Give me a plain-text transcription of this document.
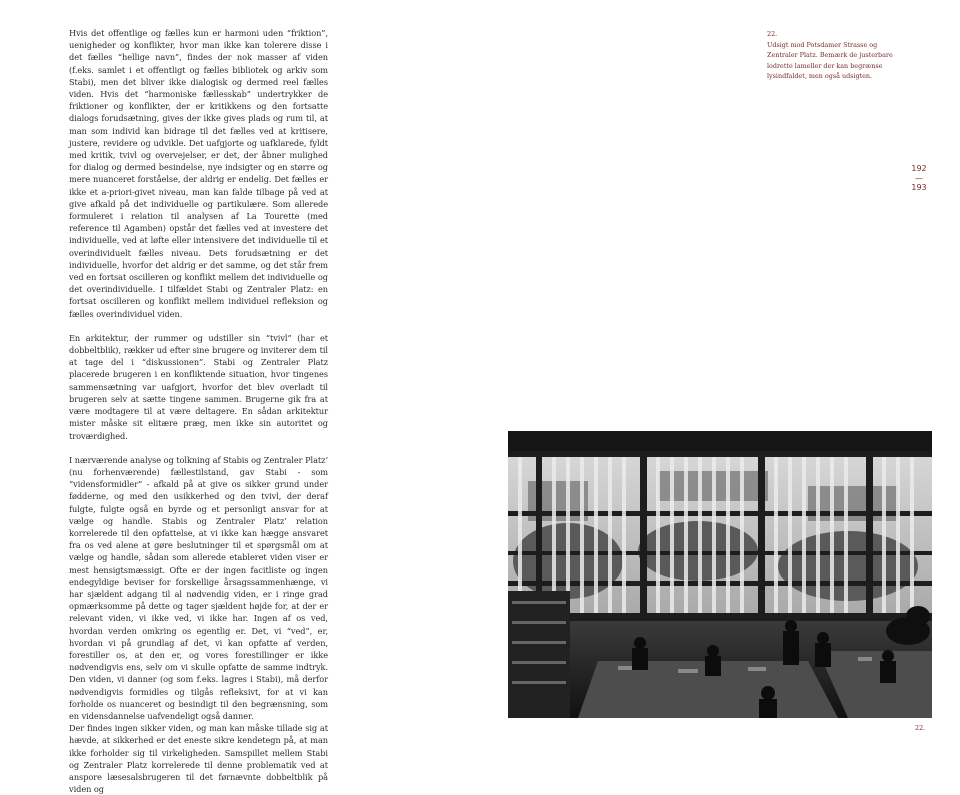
Hvis det offentlige og fælles kun er harmoni uden “friktion”, uenigheder og konflikter, hvor man ikke kan tolerere disse i det fælles “hellige navn”, findes der nok masser af viden (f.eks. samlet i et offentligt og fælles bibliotek og arkiv som Stabi), men det bliver ikke dialogisk og dermed reel fælles viden. Hvis det “harmoniske fællesskab” undertrykker de friktioner og konflikter, der er kritikkens og den fortsatte dialogs forudsætning, gives der ikke gives plads og rum til, at man som individ kan bidrage til det fælles ved at kritisere, justere, revidere og udvikle. Det uafgjorte og uafklarede, fyldt med kritik, tvivl og overvejelser, er det, der åbner mulighed for dialog og dermed besindelse, nye indsigter og en større og mere nuanceret forståelse, der aldrig er endelig. Det fælles er ikke et a-priori-givet niveau, man kan falde tilbage på ved at give afkald på det individuelle og partikulære. Som allerede formuleret i relation til analysen af La Tourette (med reference til Agamben) opstår det fælles ved at investere det individuelle, ved at løfte eller intensivere det individuelle til et overindividuelt fælles niveau. Dets forudsætning er det individuelle, hvorfor det aldrig er det samme, og det står frem ved en fortsat oscilleren og konflikt mellem det individuelle og det overindividuelle. I tilfældet Stabi og Zentraler Platz: en fortsat oscilleren og konflikt mellem individuel refleksion og fælles overindividuel viden.

En arkitektur, der rummer og udstiller sin “tvivl” (har et dobbeltblik), rækker ud efter sine brugere og inviterer dem til at tage del i “diskussionen”. Stabi og Zentraler Platz placerede brugeren i en konfliktende situation, hvor tingenes sammensætning var uafgjort, hvorfor det blev overladt til brugeren selv at sætte tingene sammen. Brugerne gik fra at være modtagere til at være deltagere. En sådan arkitektur mister måske sit elitære præg, men ikke sin autoritet og troværdighed.

I nærværende analyse og tolkning af Stabis og Zentraler Platz’ (nu forhenværende) fællestilstand, gav Stabi - som “vidensformidler” - afkald på at give os sikker grund under fødderne, og med den usikkerhed og den tvivl, der deraf fulgte, fulgte også en byrde og et personligt ansvar for at vælge og handle. Stabis og Zentraler Platz’ relation korrelerede til den opfattelse, at vi ikke kan hægge ansvaret fra os ved alene at gøre beslutninger til et spørgsmål om at vælge og handle, sådan som allerede etableret viden viser er mest hensigtsmæssigt. Ofte er der ingen facitliste og ingen endegyldige beviser for forskellige årsagssammenhænge, vi har sjældent adgang til al nødvendig viden, er i ringe grad opmærksomme på dette og tager sjældent højde for, at der er relevant viden, vi ikke ved, vi ikke har. Ingen af os ved, hvordan verden omkring os egentlig er. Det, vi “ved”, er, hvordan vi på grundlag af det, vi kan opfatte af verden, forestiller os, at den er, og vores forestillinger er ikke nødvendigvis ens, selv om vi skulle opfatte de samme indtryk. Den viden, vi danner (og som f.eks. lagres i Stabi), må derfor nødvendigvis formidles og tilgås refleksivt, for at vi kan forholde os nuanceret og besindigt til den begrænsning, som en vidensdannelse uafvendeligt også danner.

Der findes ingen sikker viden, og man kan måske tillade sig at hævde, at sikkerhed er det eneste sikre kendetegn på, at man ikke forholder sig til virkeligheden. Samspillet mellem Stabi og Zentraler Platz korrelerede til denne problematik ved at anspore læsesalsbrugeren til det førnævnte dobbeltblik på viden og

22.
Udsigt mod Potsdamer Strasse og Zentraler Platz. Bemærk de justerbare lodrette lameller der kan begrænse lysindfaldet, men også udsigten.
192
—
193
22.
